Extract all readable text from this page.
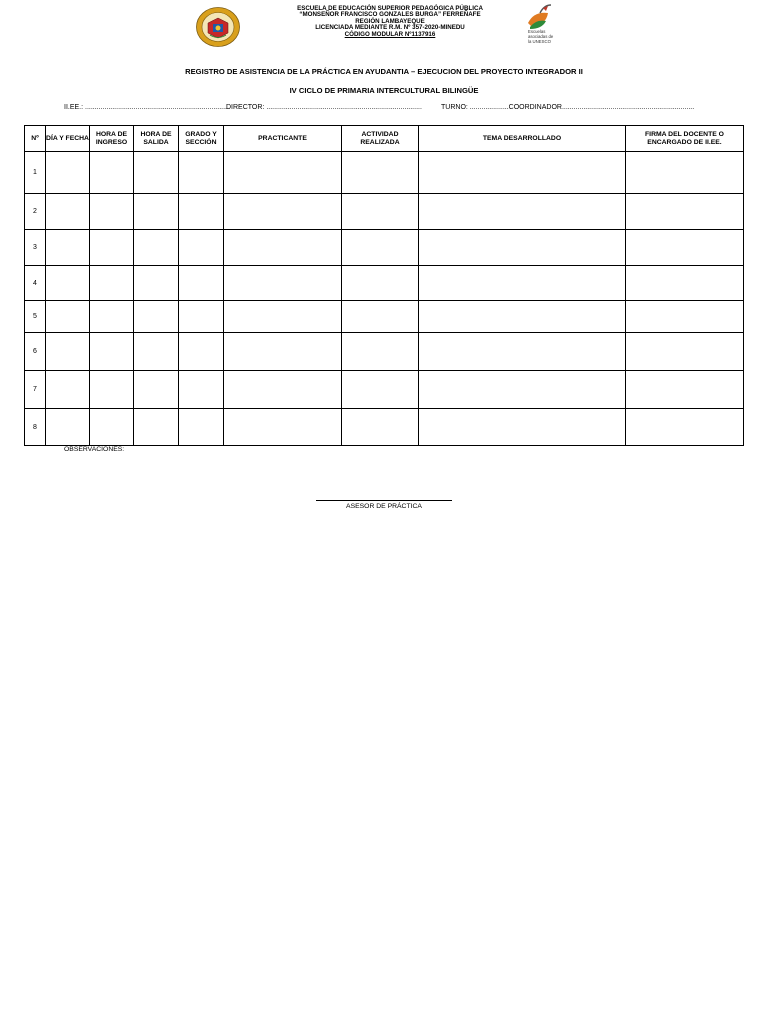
ESCUELA DE EDUCACIÓN SUPERIOR PEDAGÓGICA PÚBLICA
“MONSEÑOR FRANCISCO GONZALES BURGA” FERREÑAFE
REGIÓN LAMBAYEQUE
LICENCIADA MEDIANTE R.M. Nº 357-2020-MINEDU
CÓDIGO MODULAR Nº1137916	Escuelas
asociadas de
la UNESCO
REGISTRO DE ASISTENCIA DE LA PRÁCTICA EN AYUDANTIA – EJECUCION DEL PROYECTO INTEGRADOR II
IV CICLO DE PRIMARIA INTERCULTURAL BILINGÜE
II.EE.: ..........................................................................
DIRECTOR: ................................................................................	TURNO: ....................COORDINADOR....................................................................
Nº	DÍA Y FECHA	HORA DE INGRESO	HORA DE SALIDA	GRADO Y SECCIÓN	PRACTICANTE	ACTIVIDAD REALIZADA	TEMA DESARROLLADO	FIRMA DEL DOCENTE O ENCARGADO DE II.EE.
1								
2								
3								
4								
5								
6								
7								
8								
OBSERVACIONES:
ASESOR DE PRÁCTICA
